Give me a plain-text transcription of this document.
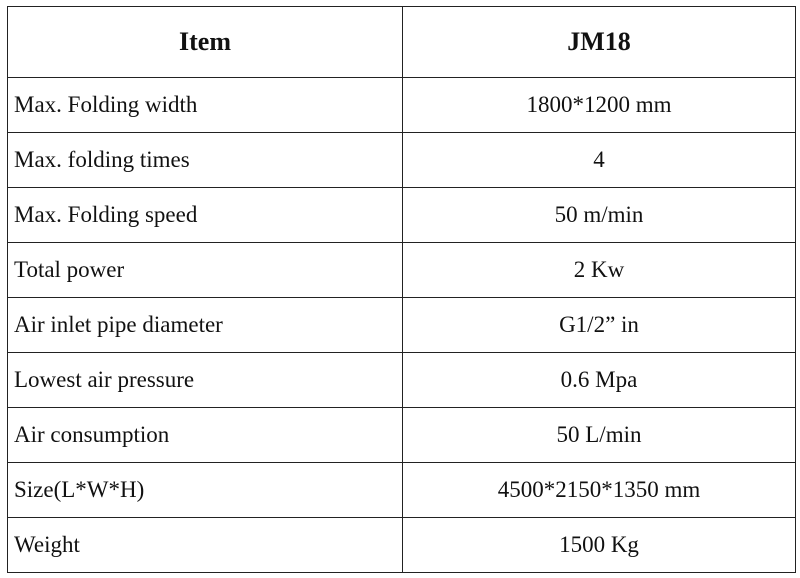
Item	JM18
Max. Folding width	1800*1200 mm
Max. folding times	4
Max. Folding speed	50 m/min
Total power	2 Kw
Air inlet pipe diameter	G1/2” in
Lowest air pressure	0.6 Mpa
Air consumption	50 L/min
Size(L*W*H)	4500*2150*1350 mm
Weight	1500 Kg
